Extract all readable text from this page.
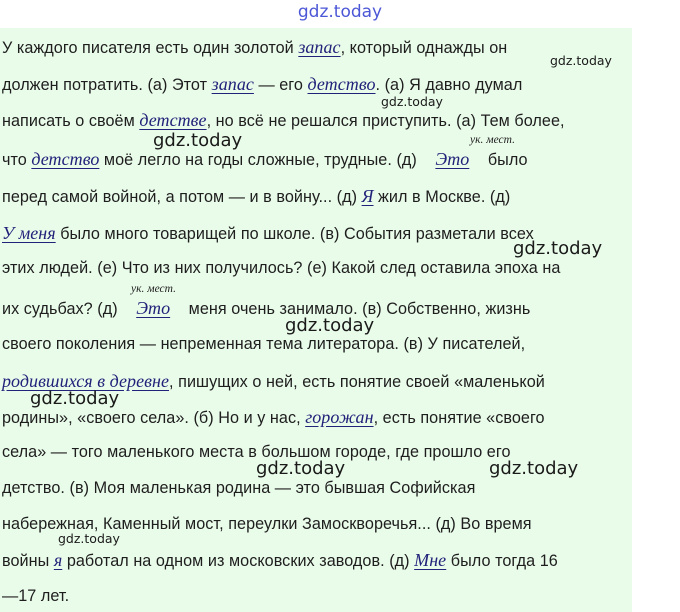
gdz.today
У каждого писателя есть один золотой запас, который однажды он
должен потратить. (а) Этот запас — его детство. (а) Я давно думал
написать о своём детстве, но всё не решался приступить. (а) Тем более,
ук. мест.
что детство моё легло на годы сложные, трудные. (д) Это было
перед самой войной, а потом — и в войну... (д) Я жил в Москве. (д)
У меня было много товарищей по школе. (в) События разметали всех
этих людей. (е) Что из них получилось? (е) Какой след оставила эпоха на
ук. мест.
их судьбах? (д) Это меня очень занимало. (в) Собственно, жизнь
своего поколения — непременная тема литератора. (в) У писателей,
родившихся в деревне, пишущих о ней, есть понятие своей «маленькой
родины», «своего села». (б) Но и у нас, горожан, есть понятие «своего
села» — того маленького места в большом городе, где прошло его
детство. (в) Моя маленькая родина — это бывшая Софийская
набережная, Каменный мост, переулки Замоскворечья... (д) Во время
войны я работал на одном из московских заводов. (д) Мне было тогда 16
—17 лет.
gdz.today
gdz.today
gdz.today
gdz.today
gdz.today
gdz.today
gdz.today	gdz.today
gdz.today
